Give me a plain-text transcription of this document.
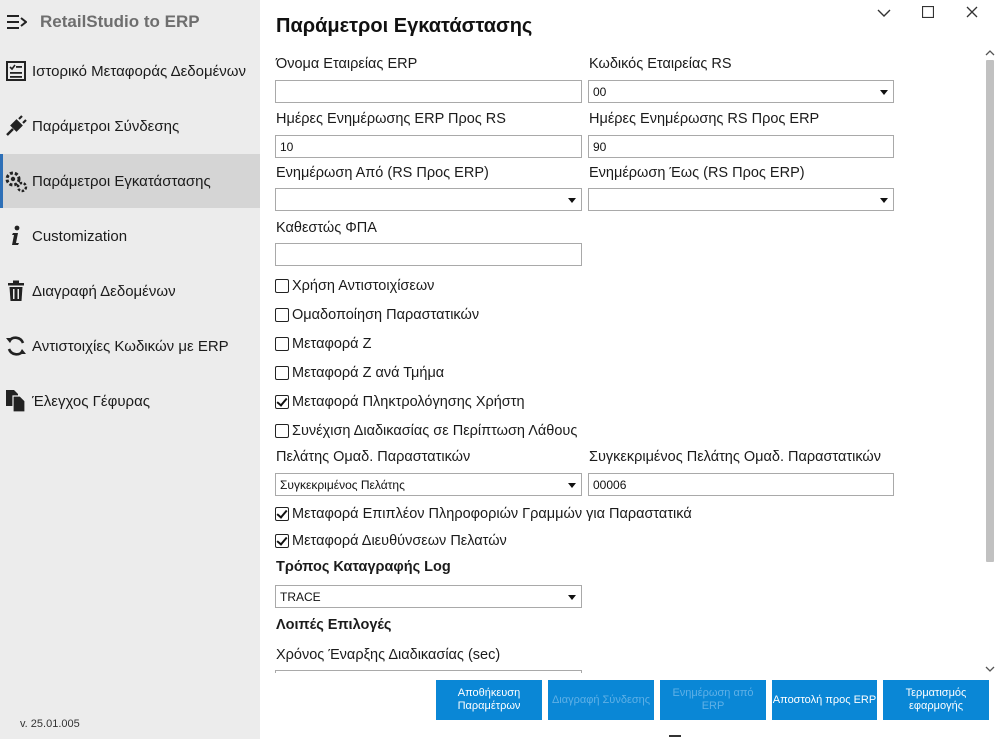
RetailStudio to ERP
Ιστορικό Μεταφοράς Δεδομένων
Παράμετροι Σύνδεσης
Παράμετροι Εγκατάστασης
Customization
Διαγραφή Δεδομένων
Αντιστοιχίες Κωδικών με ERP
Έλεγχος Γέφυρας
v. 25.01.005
Παράμετροι Εγκατάστασης
Όνομα Εταιρείας ERP	Κωδικός Εταιρείας RS
00
Ημέρες Ενημέρωσης ERP Προς RS
10
Ημέρες Ενημέρωσης RS Προς ERP
90
Ενημέρωση Από (RS Προς ERP)	Ενημέρωση Έως (RS Προς ERP)
Καθεστώς ΦΠΑ
Χρήση Αντιστοιχίσεων
Ομαδοποίηση Παραστατικών
Μεταφορά Ζ
Μεταφορά Ζ ανά Τμήμα
Μεταφορά Πληκτρολόγησης Χρήστη
Συνέχιση Διαδικασίας σε Περίπτωση Λάθους
Πελάτης Ομαδ. Παραστατικών
Συγκεκριμένος Πελάτης
Συγκεκριμένος Πελάτης Ομαδ. Παραστατικών
00006
Μεταφορά Επιπλέον Πληροφοριών Γραμμών για Παραστατικά
Μεταφορά Διευθύνσεων Πελατών
Τρόπος Καταγραφής Log
TRACE
Λοιπές Επιλογές
Χρόνος Έναρξης Διαδικασίας (sec)
Αποθήκευση Παραμέτρων
Διαγραφή Σύνδεσης
Ενημέρωση από ERP
Αποστολή προς ERP
Τερματισμός εφαρμογής
